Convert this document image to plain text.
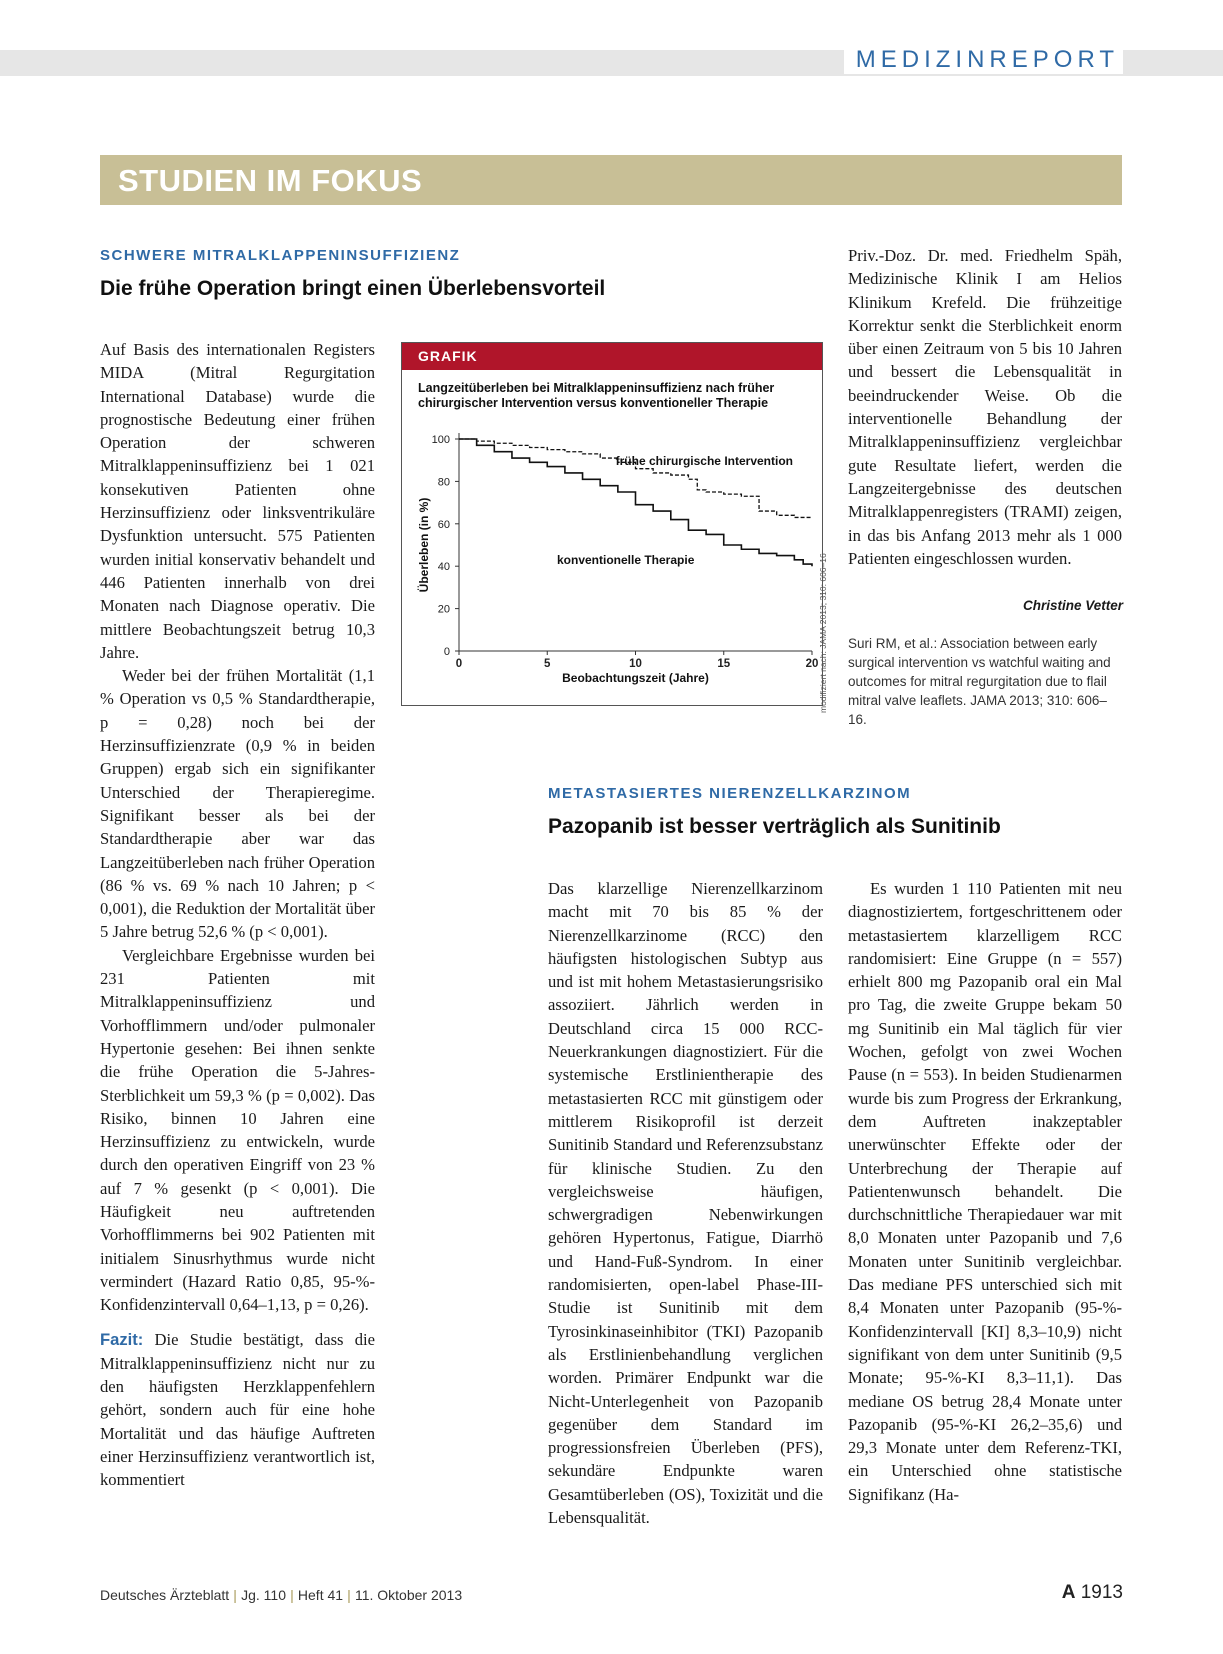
MEDIZINREPORT
STUDIEN IM FOKUS
SCHWERE MITRALKLAPPENINSUFFIZIENZ
Die frühe Operation bringt einen Überlebensvorteil

Auf Basis des internationalen Registers MIDA (Mitral Regurgitation International Database) wurde die prognostische Bedeutung einer frühen Operation der schweren Mitralklappeninsuffizienz bei 1 021 konsekutiven Patienten ohne Herzinsuffizienz oder linksventrikuläre Dysfunktion untersucht. 575 Patienten wurden initial konservativ behandelt und 446 Patienten innerhalb von drei Monaten nach Diagnose operativ. Die mittlere Beobachtungszeit betrug 10,3 Jahre.

Weder bei der frühen Mortalität (1,1 % Operation vs 0,5 % Standardtherapie, p = 0,28) noch bei der Herzinsuffizienzrate (0,9 % in beiden Gruppen) ergab sich ein signifikanter Unterschied der Therapieregime. Signifikant besser als bei der Standardtherapie aber war das Langzeitüberleben nach früher Operation (86 % vs. 69 % nach 10 Jahren; p < 0,001), die Reduktion der Mortalität über 5 Jahre betrug 52,6 % (p < 0,001).

Vergleichbare Ergebnisse wurden bei 231 Patienten mit Mitralklappeninsuffizienz und Vorhofflimmern und/oder pulmonaler Hypertonie gesehen: Bei ihnen senkte die frühe Operation die 5-Jahres-Sterblichkeit um 59,3 % (p = 0,002). Das Risiko, binnen 10 Jahren eine Herzinsuffizienz zu entwickeln, wurde durch den operativen Eingriff von 23 % auf 7 % gesenkt (p < 0,001). Die Häufigkeit neu auftretenden Vorhofflimmerns bei 902 Patienten mit initialem Sinusrhythmus wurde nicht vermindert (Hazard Ratio 0,85, 95-%-Konfidenzintervall 0,64–1,13, p = 0,26).

Fazit: Die Studie bestätigt, dass die Mitralklappeninsuffizienz nicht nur zu den häufigsten Herzklappenfehlern gehört, sondern auch für eine hohe Mortalität und das häufige Auftreten einer Herzinsuffizienz verantwortlich ist, kommentiert

Priv.-Doz. Dr. med. Friedhelm Späh, Medizinische Klinik I am Helios Klinikum Krefeld. Die frühzeitige Korrektur senkt die Sterblichkeit enorm über einen Zeitraum von 5 bis 10 Jahren und bessert die Lebensqualität in beeindruckender Weise. Ob die interventionelle Behandlung der Mitralklappeninsuffizienz vergleichbar gute Resultate liefert, werden die Langzeitergebnisse des deutschen Mitralklappenregisters (TRAMI) zeigen, in das bis Anfang 2013 mehr als 1 000 Patienten eingeschlossen wurden.

Christine Vetter
Suri RM, et al.: Association between early surgical intervention vs watchful waiting and outcomes for mitral regurgitation due to flail mitral valve leaflets. JAMA 2013; 310: 606–16.
GRAFIK
Langzeitüberleben bei Mitralklappeninsuffizienz nach früher chirurgischer Intervention versus konventioneller Therapie
0
20
40
60
80
100
0	5	10	15	20
Beobachtungszeit (Jahre)
Überleben (in %)
frühe chirurgische Intervention
konventionelle Therapie	modifiziert nach: JAMA 2013; 310: 606–16
METASTASIERTES NIERENZELLKARZINOM
Pazopanib ist besser verträglich als Sunitinib

Das klarzellige Nierenzellkarzinom macht mit 70 bis 85 % der Nierenzellkarzinome (RCC) den häufigsten histologischen Subtyp aus und ist mit hohem Metastasierungsrisiko assoziiert. Jährlich werden in Deutschland circa 15 000 RCC-Neuerkrankungen diagnostiziert. Für die systemische Erstlinientherapie des metastasierten RCC mit günstigem oder mittlerem Risikoprofil ist derzeit Sunitinib Standard und Referenzsubstanz für klinische Studien. Zu den vergleichsweise häufigen, schwergradigen Nebenwirkungen gehören Hypertonus, Fatigue, Diarrhö und Hand-Fuß-Syndrom. In einer randomisierten, open-label Phase-III-Studie ist Sunitinib mit dem Tyrosinkinaseinhibitor (TKI) Pazopanib als Erstlinienbehandlung verglichen worden. Primärer Endpunkt war die Nicht-Unterlegenheit von Pazopanib gegenüber dem Standard im progressionsfreien Überleben (PFS), sekundäre Endpunkte waren Gesamtüberleben (OS), Toxizität und die Lebensqualität.

Es wurden 1 110 Patienten mit neu diagnostiziertem, fortgeschrittenem oder metastasiertem klarzelligem RCC randomisiert: Eine Gruppe (n = 557) erhielt 800 mg Pazopanib oral ein Mal pro Tag, die zweite Gruppe bekam 50 mg Sunitinib ein Mal täglich für vier Wochen, gefolgt von zwei Wochen Pause (n = 553). In beiden Studienarmen wurde bis zum Progress der Erkrankung, dem Auftreten inakzeptabler unerwünschter Effekte oder der Unterbrechung der Therapie auf Patientenwunsch behandelt. Die durchschnittliche Therapiedauer war mit 8,0 Monaten unter Pazopanib und 7,6 Monaten unter Sunitinib vergleichbar. Das mediane PFS unterschied sich mit 8,4 Monaten unter Pazopanib (95-%-Konfidenzintervall [KI] 8,3–10,9) nicht signifikant von dem unter Sunitinib (9,5 Monate; 95-%-KI 8,3–11,1). Das mediane OS betrug 28,4 Monate unter Pazopanib (95-%-KI 26,2–35,6) und 29,3 Monate unter dem Referenz-TKI, ein Unterschied ohne statistische Signifikanz (Ha-

Deutsches Ärzteblatt | Jg. 110 | Heft 41 | 11. Oktober 2013	A 1913
